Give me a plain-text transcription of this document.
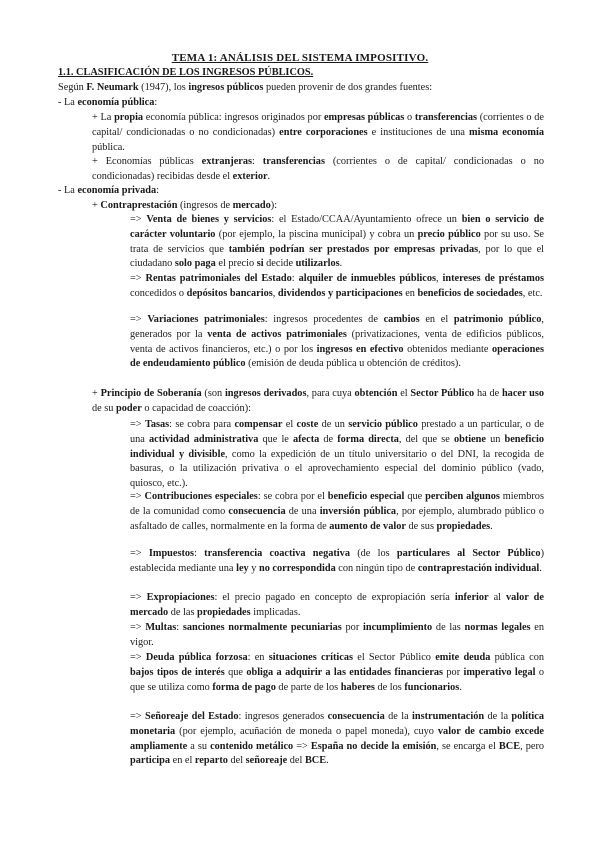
TEMA 1: ANÁLISIS DEL SISTEMA IMPOSITIVO.
1.1. CLASIFICACIÓN DE LOS INGRESOS PÚBLICOS.
Según F. Neumark (1947), los ingresos públicos pueden provenir de dos grandes fuentes:
- La economía pública:
+ La propia economía pública: ingresos originados por empresas públicas o transferencias (corrientes o de capital/ condicionadas o no condicionadas) entre corporaciones e instituciones de una misma economía pública.
+ Economías públicas extranjeras: transferencias (corrientes o de capital/ condicionadas o no condicionadas) recibidas desde el exterior.
- La economía privada:
+ Contraprestación (ingresos de mercado):
=> Venta de bienes y servicios: el Estado/CCAA/Ayuntamiento ofrece un bien o servicio de carácter voluntario (por ejemplo, la piscina municipal) y cobra un precio público por su uso. Se trata de servicios que también podrían ser prestados por empresas privadas, por lo que el ciudadano solo paga el precio si decide utilizarlos.
=> Rentas patrimoniales del Estado: alquiler de inmuebles públicos, intereses de préstamos concedidos o depósitos bancarios, dividendos y participaciones en beneficios de sociedades, etc.
=> Variaciones patrimoniales: ingresos procedentes de cambios en el patrimonio público, generados por la venta de activos patrimoniales (privatizaciones, venta de edificios públicos, venta de activos financieros, etc.) o por los ingresos en efectivo obtenidos mediante operaciones de endeudamiento público (emisión de deuda pública u obtención de créditos).
+ Principio de Soberanía (son ingresos derivados, para cuya obtención el Sector Público ha de hacer uso de su poder o capacidad de coacción):
=> Tasas: se cobra para compensar el coste de un servicio público prestado a un particular, o de una actividad administrativa que le afecta de forma directa, del que se obtiene un beneficio individual y divisible, como la expedición de un título universitario o del DNI, la recogida de basuras, o la utilización privativa o el aprovechamiento especial del dominio público (vado, quiosco, etc.).
=> Contribuciones especiales: se cobra por el beneficio especial que perciben algunos miembros de la comunidad como consecuencia de una inversión pública, por ejemplo, alumbrado público o asfaltado de calles, normalmente en la forma de aumento de valor de sus propiedades.
=> Impuestos: transferencia coactiva negativa (de los particulares al Sector Público) establecida mediante una ley y no correspondida con ningún tipo de contraprestación individual.
=> Expropiaciones: el precio pagado en concepto de expropiación sería inferior al valor de mercado de las propiedades implicadas.
=> Multas: sanciones normalmente pecuniarias por incumplimiento de las normas legales en vigor.
=> Deuda pública forzosa: en situaciones críticas el Sector Público emite deuda pública con bajos tipos de interés que obliga a adquirir a las entidades financieras por imperativo legal o que se utiliza como forma de pago de parte de los haberes de los funcionarios.
=> Señoreaje del Estado: ingresos generados consecuencia de la instrumentación de la política monetaria (por ejemplo, acuñación de moneda o papel moneda), cuyo valor de cambio excede ampliamente a su contenido metálico => España no decide la emisión, se encarga el BCE, pero participa en el reparto del señoreaje del BCE.
